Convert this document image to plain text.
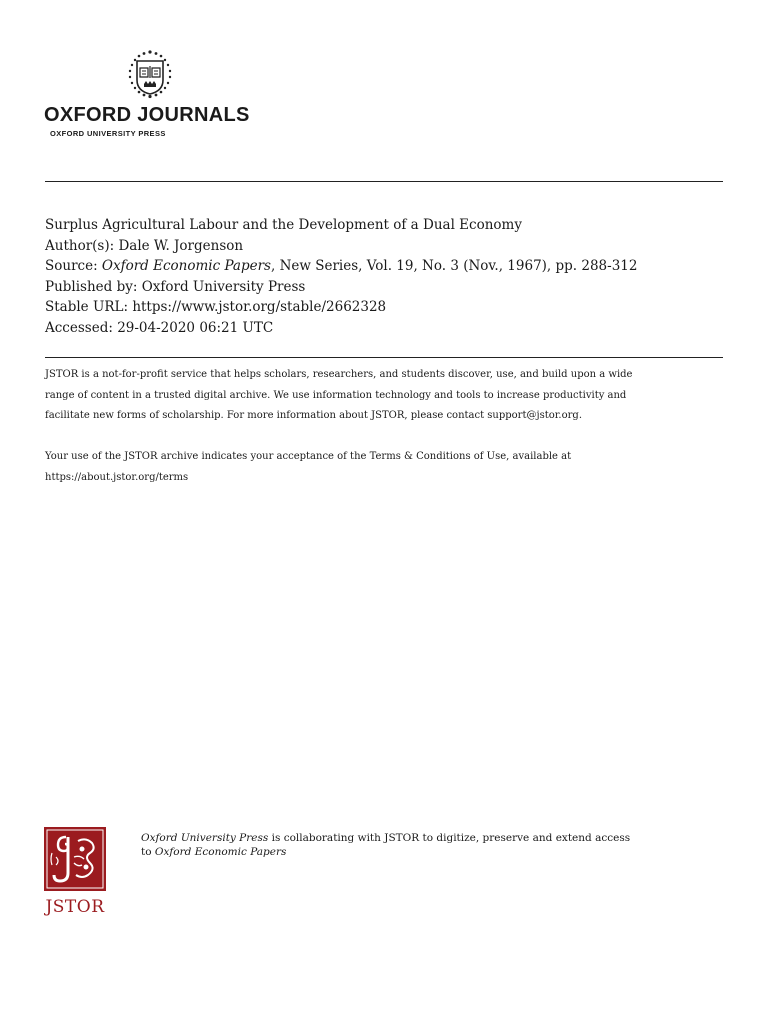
OXFORD JOURNALS
OXFORD UNIVERSITY PRESS
Surplus Agricultural Labour and the Development of a Dual Economy
Author(s): Dale W. Jorgenson
Source: Oxford Economic Papers, New Series, Vol. 19, No. 3 (Nov., 1967), pp. 288-312
Published by: Oxford University Press
Stable URL: https://www.jstor.org/stable/2662328
Accessed: 29-04-2020 06:21 UTC
JSTOR is a not-for-profit service that helps scholars, researchers, and students discover, use, and build upon a wide
range of content in a trusted digital archive. We use information technology and tools to increase productivity and
facilitate new forms of scholarship. For more information about JSTOR, please contact support@jstor.org.
Your use of the JSTOR archive indicates your acceptance of the Terms & Conditions of Use, available at
https://about.jstor.org/terms
JSTOR
Oxford University Press is collaborating with JSTOR to digitize, preserve and extend access
to Oxford Economic Papers
